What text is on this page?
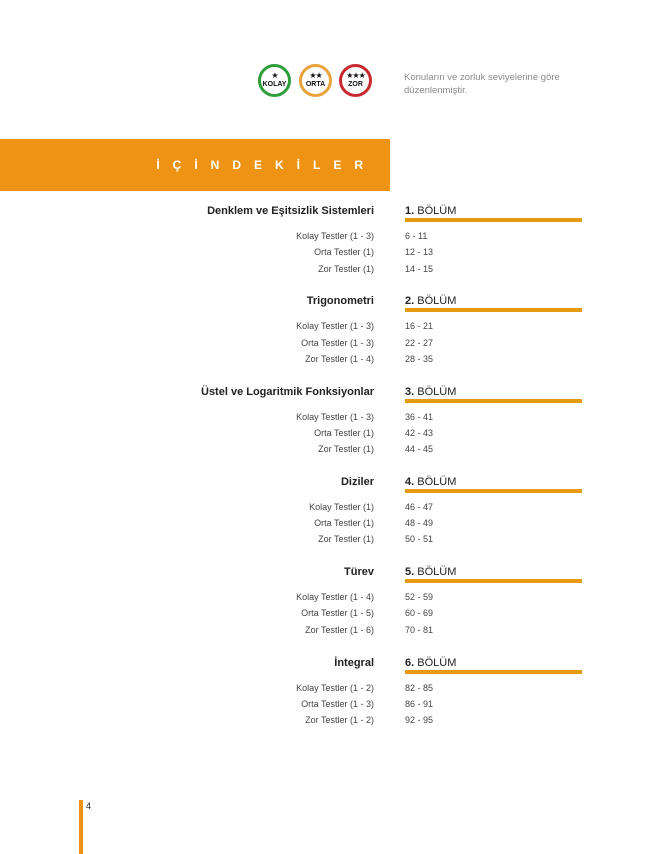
★
KOLAY
★★
ORTA
★★★
ZOR
Konuların ve zorluk seviyelerine göre düzenlenmiştir.
İÇİNDEKİLER
Denklem ve Eşitsizlik Sistemleri	1. BÖLÜM
Kolay Testler (1 - 3)	6 - 11
Orta Testler (1)	12 - 13
Zor Testler (1)	14 - 15
Trigonometri	2. BÖLÜM
Kolay Testler (1 - 3)	16 - 21
Orta Testler (1 - 3)	22 - 27
Zor Testler (1 - 4)	28 - 35
Üstel ve Logaritmik Fonksiyonlar	3. BÖLÜM
Kolay Testler (1 - 3)	36 - 41
Orta Testler (1)	42 - 43
Zor Testler (1)	44 - 45
Diziler	4. BÖLÜM
Kolay Testler (1)	46 - 47
Orta Testler (1)	48 - 49
Zor Testler (1)	50 - 51
Türev	5. BÖLÜM
Kolay Testler (1 - 4)	52 - 59
Orta Testler (1 - 5)	60 - 69
Zor Testler (1 - 6)	70 - 81
İntegral	6. BÖLÜM
Kolay Testler (1 - 2)	82 - 85
Orta Testler (1 - 3)	86 - 91
Zor Testler (1 - 2)	92 - 95
4
